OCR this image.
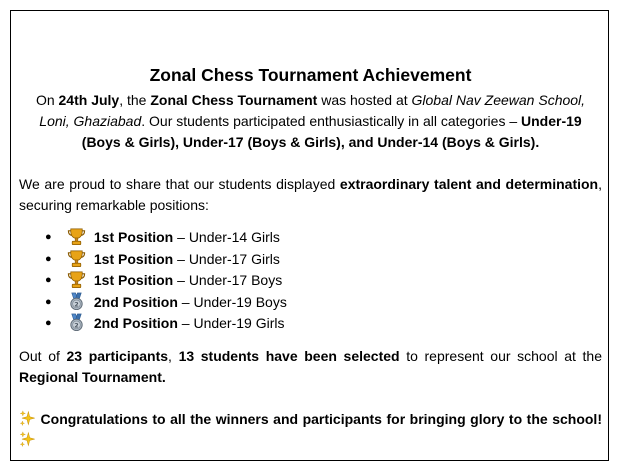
Zonal Chess Tournament Achievement

On 24th July, the Zonal Chess Tournament was hosted at Global Nav Zeewan School, Loni, Ghaziabad. Our students participated enthusiastically in all categories – Under-19 (Boys & Girls), Under-17 (Boys & Girls), and Under-14 (Boys & Girls).

We are proud to share that our students displayed extraordinary talent and determination, securing remarkable positions:

●	1st Position – Under-14 Girls
●	1st Position – Under-17 Girls
●	1st Position – Under-17 Boys
●	2 2nd Position – Under-19 Boys
●	2 2nd Position – Under-19 Girls

Out of 23 participants, 13 students have been selected to represent our school at the Regional Tournament.

Congratulations to all the winners and participants for bringing glory to the school!
